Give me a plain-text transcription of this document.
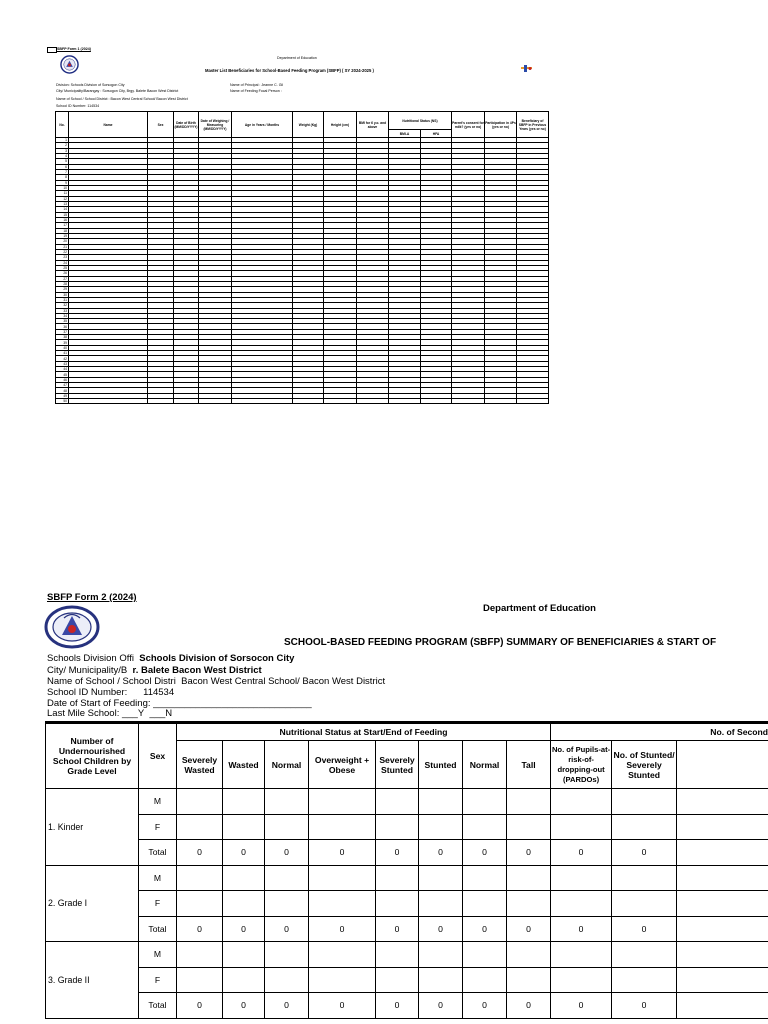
SBFP Form 1 (2024)
Department of Education
Master List Beneficiaries for School-Based Feeding Program (SBFP) ( SY 2024-2025 )
Division: Schools Division of Sorsogon City
City/ Municipality/Barangay : Sorsogon City, Brgy. Balete Bacon West District
Name of School / School District : Bacon West Central School/ Bacon West District
School ID Number: 114534
Name of Principal : Jeanne C. Gil
Name of Feeding Focal Person :
No.	Name	Sex	Date of Birth (MM/DD/YYYY)	Date of Weighing / Measuring (MM/DD/YYYY)	Age in Years / Months	Weight (Kg)	Height (cm)	BMI for 6 y.o. and above	Nutritional Status (NS)		Parent's consent for milk? (yes or no)	Participation in 4Ps (yes or no)	Beneficiary of SBFP in Previous Years (yes or no)
									BMI-A	HFA			
1													
2													
3													
4													
5													
6													
7													
8													
9													
10													
11													
12													
13													
14													
15													
16													
17													
18													
19													
20													
21													
22													
23													
24													
25													
26													
27													
28													
29													
30													
31													
32													
33													
34													
35													
36													
37													
38													
39													
40													
41													
42													
43													
44													
45													
46													
47													
48													
49													
50													
SBFP Form 2 (2024)
Department of Education
SCHOOL-BASED FEEDING PROGRAM (SBFP) SUMMARY OF BENEFICIARIES & START OF
Schools Division Offi Schools Division of Sorsocon City
City/ Municipality/B r. Balete Bacon West District
Name of School / School Distri Bacon West Central School/ Bacon West District
School ID Number: 114534
Date of Start of Feeding: ______________________________
Last Mile School: ___Y ___N
Number of Undernourished School Children by Grade Level	Sex	Nutritional Status at Start/End of Feeding									No. of Second	
		Severely Wasted	Wasted	Normal	Overweight + Obese	Severely Stunted	Stunted	Normal	Tall	No. of Pupils-at-risk-of-dropping-out (PARDOs)	No. of Stunted/ Severely Stunted	
1. Kinder	M											
	F											
	Total	0	0	0	0	0	0	0	0	0	0	
2. Grade I	M											
	F											
	Total	0	0	0	0	0	0	0	0	0	0	
3. Grade II	M											
	F											
	Total	0	0	0	0	0	0	0	0	0	0	
